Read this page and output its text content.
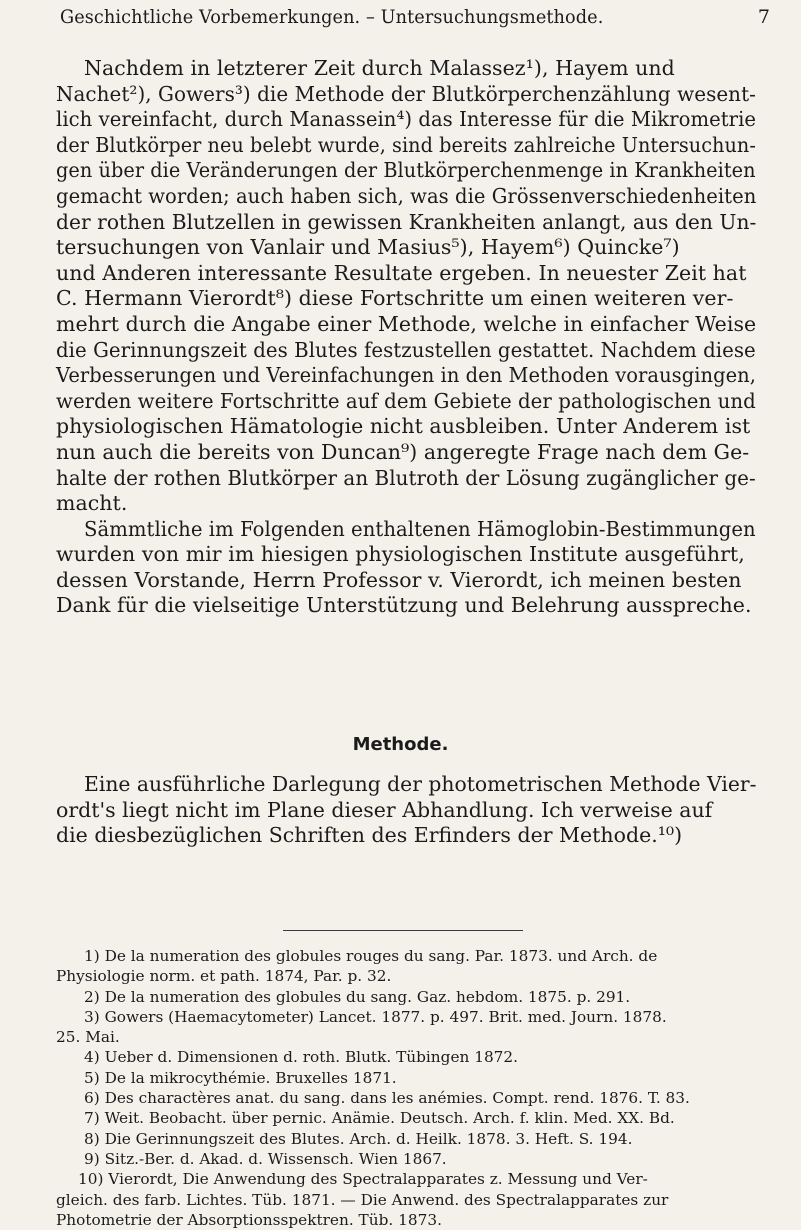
Geschichtliche Vorbemerkungen. – Untersuchungsmethode.	7
Nachdem in letzterer Zeit durch Malassez¹), Hayem und
Nachet²), Gowers³) die Methode der Blutkörperchenzählung wesent-
lich vereinfacht, durch Manassein⁴) das Interesse für die Mikrometrie
der Blutkörper neu belebt wurde, sind bereits zahlreiche Untersuchun-
gen über die Veränderungen der Blutkörperchenmenge in Krankheiten
gemacht worden; auch haben sich, was die Grössenverschiedenheiten
der rothen Blutzellen in gewissen Krankheiten anlangt, aus den Un-
tersuchungen von Vanlair und Masius⁵), Hayem⁶) Quincke⁷)
und Anderen interessante Resultate ergeben. In neuester Zeit hat
C. Hermann Vierordt⁸) diese Fortschritte um einen weiteren ver-
mehrt durch die Angabe einer Methode, welche in einfacher Weise
die Gerinnungszeit des Blutes festzustellen gestattet. Nachdem diese
Verbesserungen und Vereinfachungen in den Methoden vorausgingen,
werden weitere Fortschritte auf dem Gebiete der pathologischen und
physiologischen Hämatologie nicht ausbleiben. Unter Anderem ist
nun auch die bereits von Duncan⁹) angeregte Frage nach dem Ge-
halte der rothen Blutkörper an Blutroth der Lösung zugänglicher ge-
macht.
Sämmtliche im Folgenden enthaltenen Hämoglobin-Bestimmungen
wurden von mir im hiesigen physiologischen Institute ausgeführt,
dessen Vorstande, Herrn Professor v. Vierordt, ich meinen besten
Dank für die vielseitige Unterstützung und Belehrung ausspreche.
Methode.
Eine ausführliche Darlegung der photometrischen Methode Vier-
ordt's liegt nicht im Plane dieser Abhandlung. Ich verweise auf
die diesbezüglichen Schriften des Erfinders der Methode.¹⁰)
1) De la numeration des globules rouges du sang. Par. 1873. und Arch. de
Physiologie norm. et path. 1874, Par. p. 32.
2) De la numeration des globules du sang. Gaz. hebdom. 1875. p. 291.
3) Gowers (Haemacytometer) Lancet. 1877. p. 497. Brit. med. Journ. 1878.
25. Mai.
4) Ueber d. Dimensionen d. roth. Blutk. Tübingen 1872.
5) De la mikrocythémie. Bruxelles 1871.
6) Des charactères anat. du sang. dans les anémies. Compt. rend. 1876. T. 83.
7) Weit. Beobacht. über pernic. Anämie. Deutsch. Arch. f. klin. Med. XX. Bd.
8) Die Gerinnungszeit des Blutes. Arch. d. Heilk. 1878. 3. Heft. S. 194.
9) Sitz.-Ber. d. Akad. d. Wissensch. Wien 1867.
10) Vierordt, Die Anwendung des Spectralapparates z. Messung und Ver-
gleich. des farb. Lichtes. Tüb. 1871. — Die Anwend. des Spectralapparates zur
Photometrie der Absorptionsspektren. Tüb. 1873.
